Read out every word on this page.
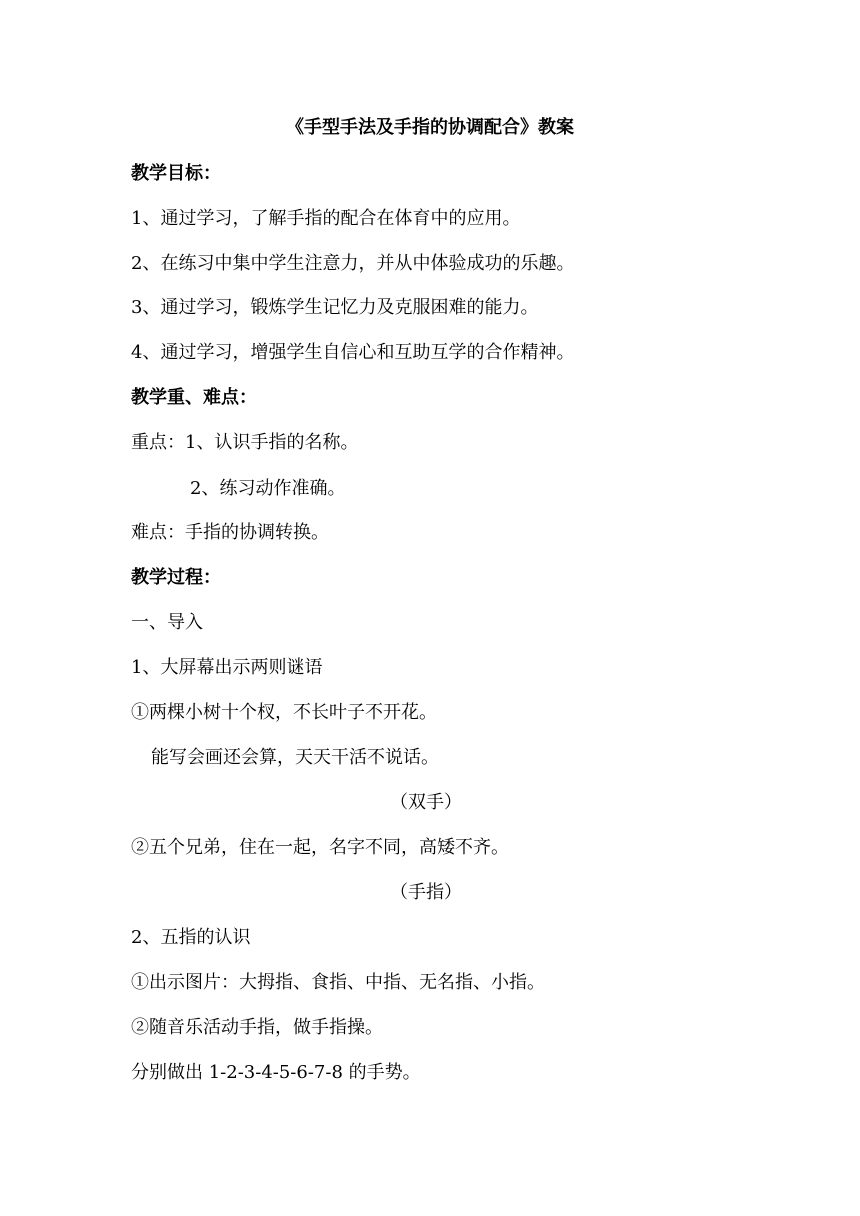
《手型手法及手指的协调配合》教案
教学目标：
1、通过学习，了解手指的配合在体育中的应用。
2、在练习中集中学生注意力，并从中体验成功的乐趣。
3、通过学习，锻炼学生记忆力及克服困难的能力。
4、通过学习，增强学生自信心和互助互学的合作精神。
教学重、难点：
重点：1、认识手指的名称。
2、练习动作准确。
难点：手指的协调转换。
教学过程：
一、导入
1、大屏幕出示两则谜语
①两棵小树十个杈，不长叶子不开花。
能写会画还会算，天天干活不说话。
（双手）
②五个兄弟，住在一起，名字不同，高矮不齐。
（手指）
2、五指的认识
①出示图片：大拇指、食指、中指、无名指、小指。
②随音乐活动手指，做手指操。
分别做出 1-2-3-4-5-6-7-8 的手势。
